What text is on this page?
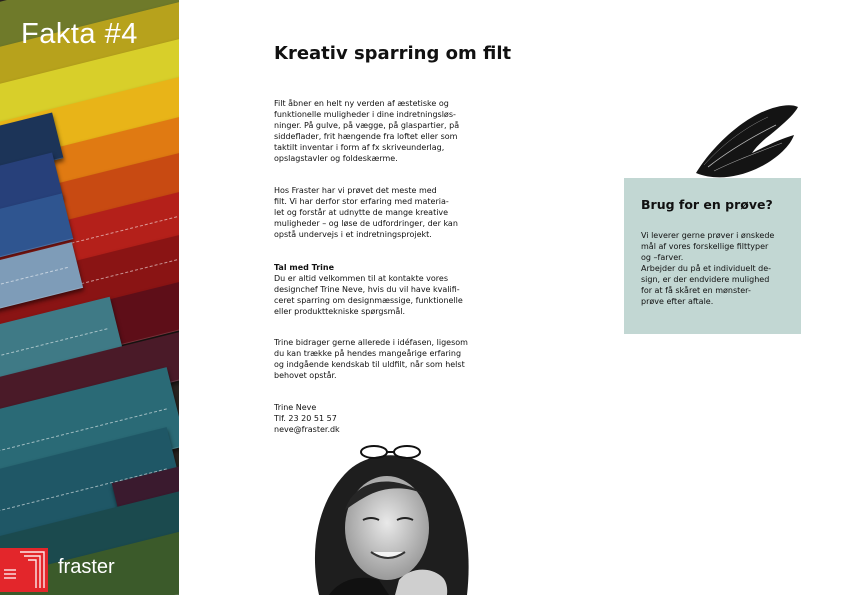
Fakta #4
fraster
Kreativ sparring om filt

Filt åbner en helt ny verden af æstetiske og
funktionelle muligheder i dine indretningsløs-
ninger. På gulve, på vægge, på glaspartier, på
siddeflader, frit hængende fra loftet eller som
taktilt inventar i form af fx skriveunderlag,
opslagstavler og foldeskærme.

Hos Fraster har vi prøvet det meste med
filt. Vi har derfor stor erfaring med materia-
let og forstår at udnytte de mange kreative
muligheder – og løse de udfordringer, der kan
opstå undervejs i et indretningsprojekt.

Tal med Trine

Du er altid velkommen til at kontakte vores
designchef Trine Neve, hvis du vil have kvalifi-
ceret sparring om designmæssige, funktionelle
eller produkttekniske spørgsmål.

Trine bidrager gerne allerede i idéfasen, ligesom
du kan trække på hendes mangeårige erfaring
og indgående kendskab til uldfilt, når som helst
behovet opstår.

Trine Neve
Tlf. 23 20 51 57
neve@fraster.dk
Brug for en prøve?

Vi leverer gerne prøver i ønskede
mål af vores forskellige filttyper
og –farver.
Arbejder du på et individuelt de-
sign, er der endvidere mulighed
for at få skåret en mønster-
prøve efter aftale.
